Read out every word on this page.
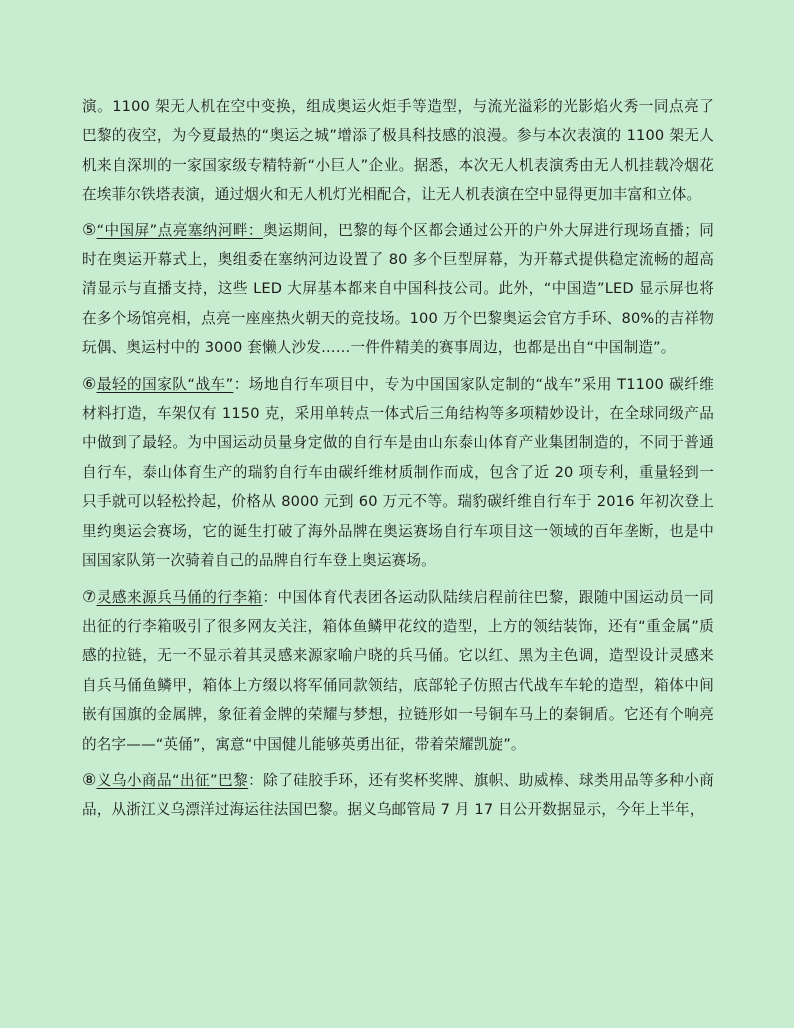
演。1100 架无人机在空中变换，组成奥运火炬手等造型，与流光溢彩的光影焰火秀一同点亮了巴黎的夜空，为今夏最热的“奥运之城”增添了极具科技感的浪漫。参与本次表演的 1100 架无人机来自深圳的一家国家级专精特新“小巨人”企业。据悉，本次无人机表演秀由无人机挂载冷烟花在埃菲尔铁塔表演，通过烟火和无人机灯光相配合，让无人机表演在空中显得更加丰富和立体。

⑤“中国屏”点亮塞纳河畔：奥运期间，巴黎的每个区都会通过公开的户外大屏进行现场直播；同时在奥运开幕式上，奥组委在塞纳河边设置了 80 多个巨型屏幕，为开幕式提供稳定流畅的超高清显示与直播支持，这些 LED 大屏基本都来自中国科技公司。此外，“中国造”LED 显示屏也将在多个场馆亮相，点亮一座座热火朝天的竞技场。100 万个巴黎奥运会官方手环、80%的吉祥物玩偶、奥运村中的 3000 套懒人沙发……一件件精美的赛事周边，也都是出自“中国制造”。

⑥最轻的国家队“战车”：场地自行车项目中，专为中国国家队定制的“战车”采用 T1100 碳纤维材料打造，车架仅有 1150 克，采用单转点一体式后三角结构等多项精妙设计，在全球同级产品中做到了最轻。为中国运动员量身定做的自行车是由山东泰山体育产业集团制造的，不同于普通自行车，泰山体育生产的瑞豹自行车由碳纤维材质制作而成，包含了近 20 项专利，重量轻到一只手就可以轻松拎起，价格从 8000 元到 60 万元不等。瑞豹碳纤维自行车于 2016 年初次登上里约奥运会赛场，它的诞生打破了海外品牌在奥运赛场自行车项目这一领域的百年垄断，也是中国国家队第一次骑着自己的品牌自行车登上奥运赛场。

⑦灵感来源兵马俑的行李箱：中国体育代表团各运动队陆续启程前往巴黎，跟随中国运动员一同出征的行李箱吸引了很多网友关注，箱体鱼鳞甲花纹的造型，上方的领结装饰，还有“重金属”质感的拉链，无一不显示着其灵感来源家喻户晓的兵马俑。它以红、黑为主色调，造型设计灵感来自兵马俑鱼鳞甲，箱体上方缀以将军俑同款领结，底部轮子仿照古代战车车轮的造型，箱体中间嵌有国旗的金属牌，象征着金牌的荣耀与梦想，拉链形如一号铜车马上的秦铜盾。它还有个响亮的名字——“英俑”，寓意“中国健儿能够英勇出征，带着荣耀凯旋”。

⑧义乌小商品“出征”巴黎：除了硅胶手环，还有奖杯奖牌、旗帜、助威棒、球类用品等多种小商品，从浙江义乌漂洋过海运往法国巴黎。据义乌邮管局 7 月 17 日公开数据显示，今年上半年，
